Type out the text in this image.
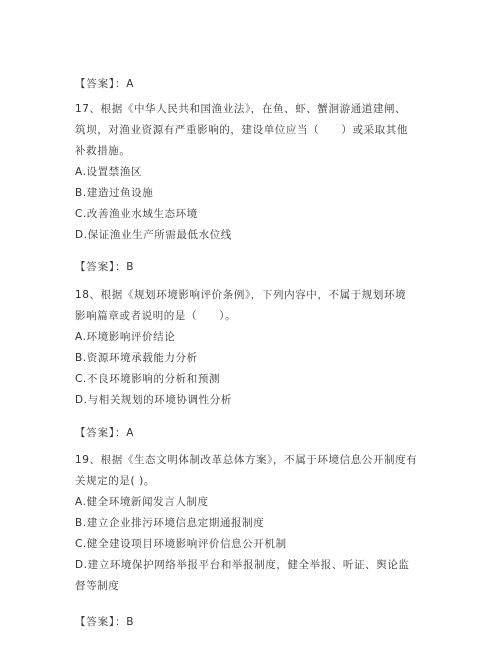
【答案】：A
17、根据《中华人民共和国渔业法》，在鱼、虾、蟹洄游通道建闸、
筑坝，对渔业资源有严重影响的，建设单位应当（　　）或采取其他
补救措施。
A.设置禁渔区
B.建造过鱼设施
C.改善渔业水域生态环境
D.保证渔业生产所需最低水位线
【答案】：B
18、根据《规划环境影响评价条例》，下列内容中，不属于规划环境
影响篇章或者说明的是（　　）。
A.环境影响评价结论
B.资源环境承载能力分析
C.不良环境影响的分析和预测
D.与相关规划的环境协调性分析
【答案】：A
19、根据《生态文明体制改革总体方案》，不属于环境信息公开制度有
关规定的是( )。
A.健全环境新闻发言人制度
B.建立企业排污环境信息定期通报制度
C.健全建设项目环境影响评价信息公开机制
D.建立环境保护网络举报平台和举报制度，健全举报、听证、舆论监
督等制度
【答案】：B
